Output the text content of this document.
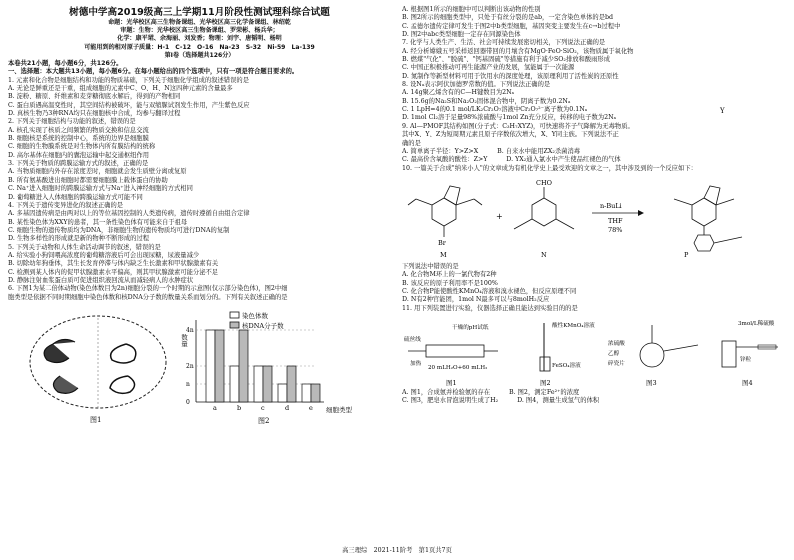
树德中学高2019级高三上学期11月阶段性测试理科综合试题
命题：光华校区高三生物备课组、光华校区高三化学备课组、林绍乾
审题：生物：光华校区高三生物备课组、罗荣彬、杨兵华；
化学：康平珺、余海丽、刘发香；物理：刘宇、唐韬明、杨明
可能用到的相对原子质量：H-1　C-12　O-16　Na-23　S-32　Ni-59　La-139
第Ⅰ卷（选择题共126分）
本卷共21小题，每小题6分，共126分。
一、选择题：本大题共13小题，每小题6分。在每小题给出的四个选项中，只有一项是符合题目要求的。
1. 元素和化合物是细胞结构和功能的物质基础，下列关于细胞化学组成的叙述错误的是
A. 无论是鲜重还是干重，组成细胞的元素中C、O、H、N这四种元素的含量最多
B. 淀粉、糖原、纤维素和麦芽糖彻底水解后，得到的产物相同
C. 蛋白质遇高温变性时，其空间结构被破坏，能与双缩脲试剂发生作用，产生紫色反应
D. 真核生物乃3种RNA均只在细胞核中合成，均参与翻译过程
2. 下列关于细胞结构与功能的叙述，错误的是
A. 核孔实现了核质之间频繁的物质交换和信息交流
B. 细胞核是系统的控制中心，系统的边界是细胞膜
C. 细胞的生物膜系统是对生物体内所有膜结构的统称
D. 高尔基体在细胞内的囊泡运输中起交通枢纽作用
3. 下列关于物质的跨膜运输方式的叙述，正确的是
A. 当物质细胞内外存在浓度差时，细胞就会发生质壁分离或复原
B. 所有氨基酸进出细胞时都需要细胞膜上载体蛋白的协助
C. Na⁺进入细胞时的跨膜运输方式与Na⁺进入神经细胞的方式相同
D. 葡萄糖进入人体细胞的跨膜运输方式可能不同
4. 下列关于遗传变异进化的叙述正确的是
A. 多基因遗传病是由两对以上的等位基因控制的人类遗传病，遗传时遵循自由组合定律
B. 某性染色体为XXY的患者，其一条性染色体有可能来自于祖母
C. 细胞生物的遗传物质均为DNA，非细胞生物的遗传物质均可进行DNA的复制
D. 生物多样性的形成就是新的物种不断形成的过程
5. 下列关于动物和人体生命活动调节的叙述，错误的是
A. 给实验小狗饲喂高浓度的葡萄糖溶液后可会出现尿糖，尿液量减少
B. 切除幼年狗垂体，其生长发育停滞与体内缺乏生长激素和甲状腺激素有关
C. 检测到某人体内的促甲状腺激素水平偏高，则其甲状腺激素可能分泌不足
D. 静脉注射血浆蛋白质可促进组织液回流从而减轻病人的水肿症状
6. 下图1为某二倍体动物(染色体数目为2n)细胞分裂的一个时期的示意图(仅示部分染色体)，图2中细
胞类型是依据不同时期细胞中染色体数和核DNA分子数的数量关系而划分的。下列有关叙述正确的是
图1
染色体数
核DNA分子数
数量
细胞类型
图2
4n
2n
n
0
a	b	c	d	e
A. 根据图1所示的细胞中可以判断出该动物的性别
B. 图2所示的细胞类型中，只处于有丝分裂的是ab，一定含染色单体的是bd
C. 孟德尔遗传定律可发生于图2中b类型细胞，基因突变主要发生在c→b过程中
D. 图2中abc类型细胞一定存在同源染色体
7. 化学与人类生产、生活、社会可持续发展密切相关，下列说法正确的是
A. 经分析嫦娥五号采样返回器带回的月壤含有MgO·FeO·SiO₂，该物质属于氧化物
B. 燃煤"气化"、"脱硫"、"钙基固硫"等措施有利于减少SO₂排放和酸雨形成
C. 中国正积极推动可再生能源产业的发展，氢能属于一次能源
D. 氮制作等新型材料可用于饮用水的深度处理，该原理利用了活性炭的还原性
8. 设Nₐ表示阿伏加德罗常数的值。下列说法正确的是
A. 14g聚乙烯含有的C—H键数目为2Nₐ
B. 15.6g的Na₂S和Na₂O₂固体混合物中，阴离子数为0.2Nₐ
C. 1 LpH=4的0.1 mol/LK₂Cr₂O₇溶液中Cr₂O₇²⁻离子数为0.1Nₐ
D. 1mol Cl₂溶于足量98%浓硫酸与1mol Zn充分反应，转移的电子数为2Nₐ
9. Al—PMOF其结构如图(分子式：C₃H₇XYZ)，可快速将芥子气降解为无毒物质。
其中X、Y、Z为短周期元素且原子序数依次增大，X、Y同主族。下列说法不正
确的是
A. 简单离子半径：Y>Z>X　　　B. 自来水中能用ZX₂杀菌消毒
C. 最高价含氧酸的酸性：Z>Y　　　D. YX₂通入氯水中产生使品红褪色的气体
10. 一篇关于合成"纳米小人"的文章成为有机化学史上最受欢迎的文章之一，其中涉及到的一个反应如下：
Y
Br
M
+
CHO
N
n-BuLi
THF
78%
P
下列说法中错误的是
A. 化合物M环上的一氯代物有2种
B. 该反应的原子利用率不是100%
C. 化合物P能使酸性KMnO₄溶液和溴水褪色，但反应原理不同
D. N有2种官能团，1mol N最多可以与8molH₂反应
11. 用下列装置进行实验，仪器选择正确且能达到实验目的的是
干燥的pH试纸
硫丝线
加热
20 mLH₂O+60 mLH₂
图1
酸性KMnO₄溶液
FeSO₄溶液
图2
浓硫酸
乙醇
碎瓷片
图3
3mol/L稀硫酸
锌粒
图4
A. 图1，合成氨并检验氨的存在　　　B. 图2，测定Fe²⁺的浓度
C. 图3，肥皂水冒泡说明生成了H₂　　　D. 图4，测量生成氢气的体积
高三理综　2021-11阶考　第1页共7页
